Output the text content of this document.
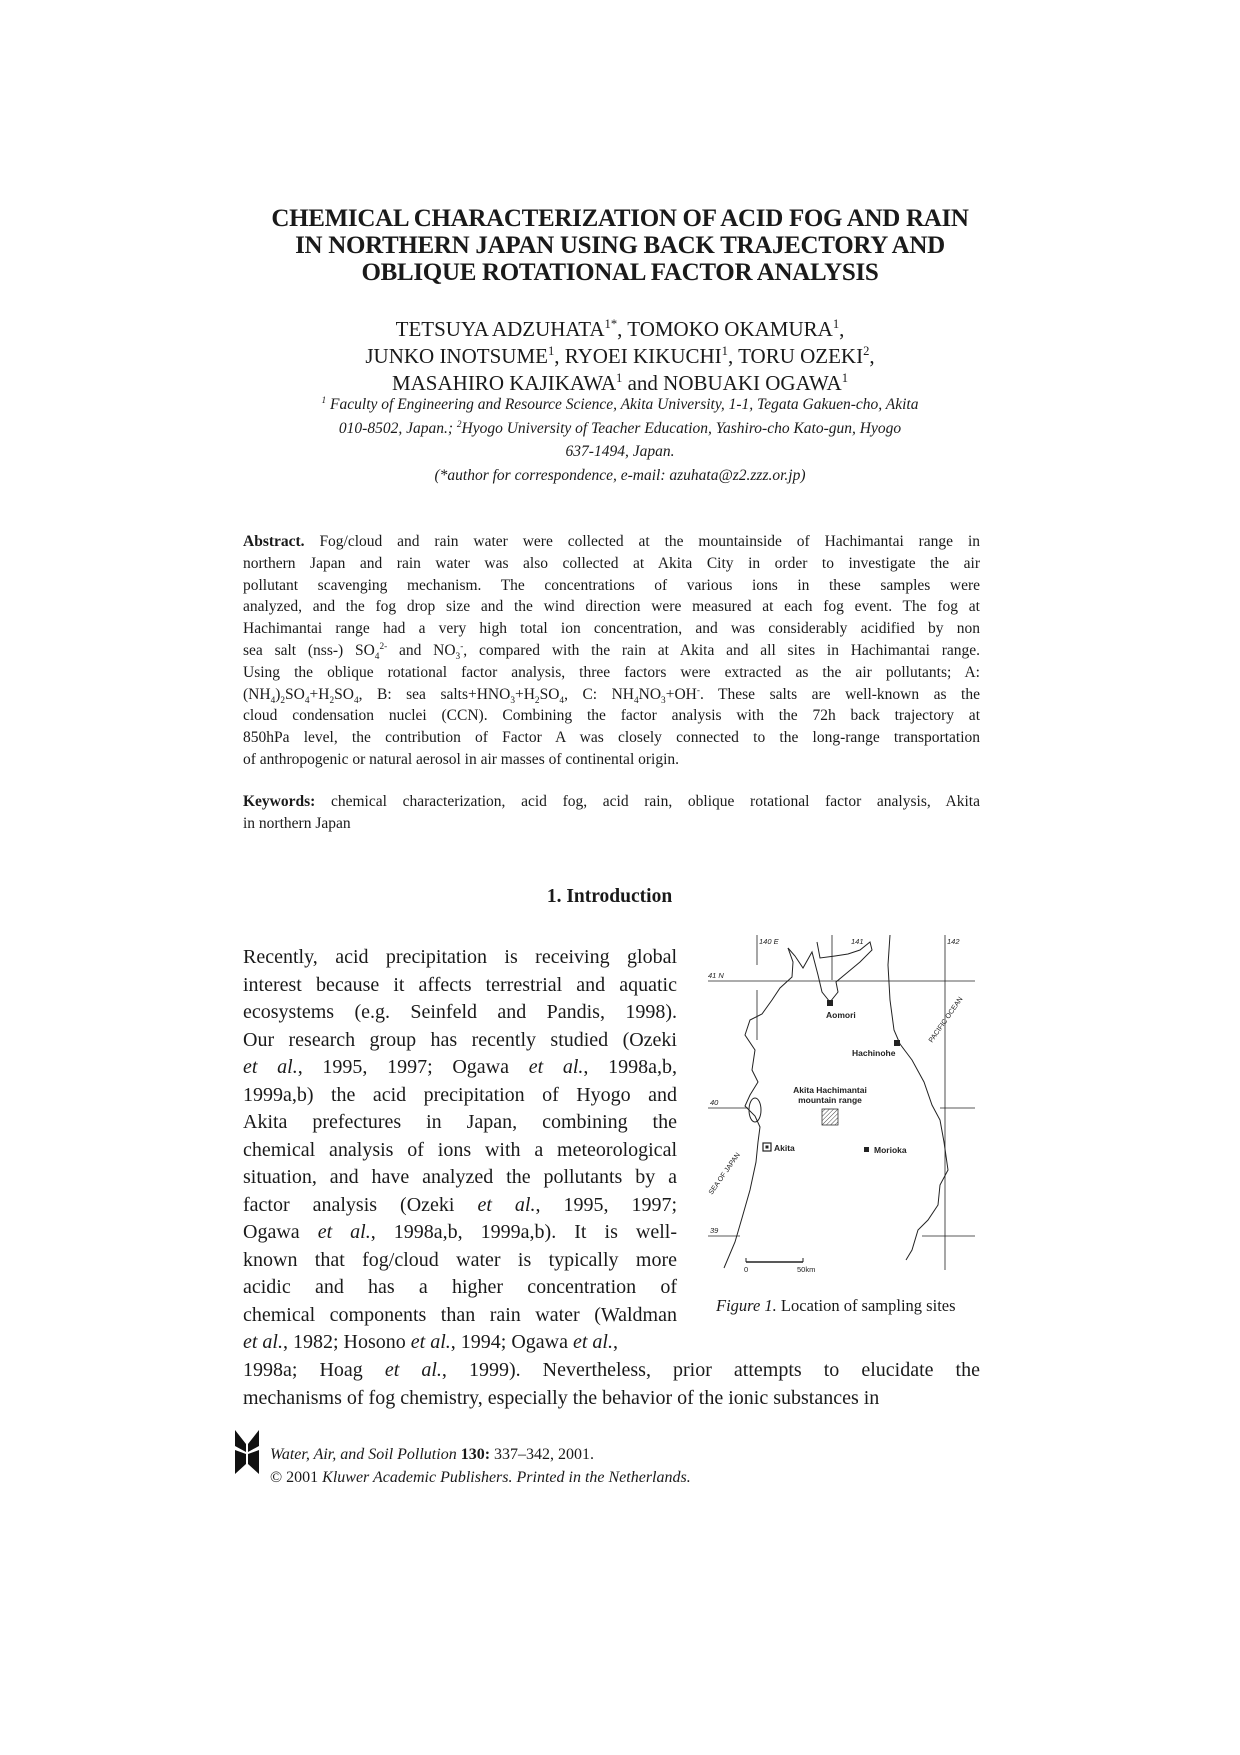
CHEMICAL CHARACTERIZATION OF ACID FOG AND RAIN
IN NORTHERN JAPAN USING BACK TRAJECTORY AND
OBLIQUE ROTATIONAL FACTOR ANALYSIS
TETSUYA $ADZUHATA^{1*}$, TOMOKO OKAMURA$^1$,
JUNKO INOTSUME$^1$, RYOEI KIKUCHI$^1$, TORU OZEKI$^2$,
MASAHIRO KAJIKAWA$^1$ and NOBUAKI OGAWA$^1$
$^1$ Faculty of Engineering and Resource Science, Akita University, 1-1, Tegata Gakuen-cho, Akita
010-8502, Japan.; $^2$Hyogo University of Teacher Education, Yashiro-cho Kato-gun, Hyogo
637-1494, Japan.
(*author for correspondence, e-mail: azuhata@z2.zzz.or.jp)
Abstract. Fog/cloud and rain water were collected at the mountainside of Hachimantai range in
northern Japan and rain water was also collected at Akita City in order to investigate the air
pollutant scavenging mechanism. The concentrations of various ions in these samples were
analyzed, and the fog drop size and the wind direction were measured at each fog event. The fog at
Hachimantai range had a very high total ion concentration, and was considerably acidified by non
sea salt (nss-) $SO_4^{2-}$ and $NO_3^-$, compared with the rain at Akita and all sites in Hachimantai range.
Using the oblique rotational factor analysis, three factors were extracted as the air pollutants; A:
$(NH_4)_2SO_4+H_2SO_4$, B: sea $salts+HNO_3+H_2SO_4$, C: $NH_4NO_3+OH^-$. These salts are well-known as the
cloud condensation nuclei (CCN). Combining the factor analysis with the 72h back trajectory at
850hPa level, the contribution of Factor A was closely connected to the long-range transportation
of anthropogenic or natural aerosol in air masses of continental origin.
Keywords: chemical characterization, acid fog, acid rain, oblique rotational factor analysis, Akita
in northern Japan
1. Introduction
Recently, acid precipitation is receiving global
interest because it affects terrestrial and aquatic
ecosystems (e.g. Seinfeld and Pandis, 1998).
Our research group has recently studied (Ozeki
et al., 1995, 1997; Ogawa et al., 1998a,b,
1999a,b) the acid precipitation of Hyogo and
Akita prefectures in Japan, combining the
chemical analysis of ions with a meteorological
situation, and have analyzed the pollutants by a
factor analysis (Ozeki et al., 1995, 1997;
Ogawa et al., 1998a,b, 1999a,b). It is well-
known that fog/cloud water is typically more
acidic and has a higher concentration of
chemical components than rain water (Waldman
et al., 1982; Hosono et al., 1994; Ogawa et al.,
1998a; Hoag et al., 1999). Nevertheless, prior attempts to elucidate the
mechanisms of fog chemistry, especially the behavior of the ionic substances in
140 E	141	142
41 N
40
39
Aomori
Hachinohe
Akita Hachimantai
mountain range
Akita	Morioka
SEA OF JAPAN
PACIFIC OCEAN
0	50km
Figure 1. Location of sampling sites
Water, Air, and Soil Pollution 130: 337–342, 2001.
© 2001 Kluwer Academic Publishers. Printed in the Netherlands.
